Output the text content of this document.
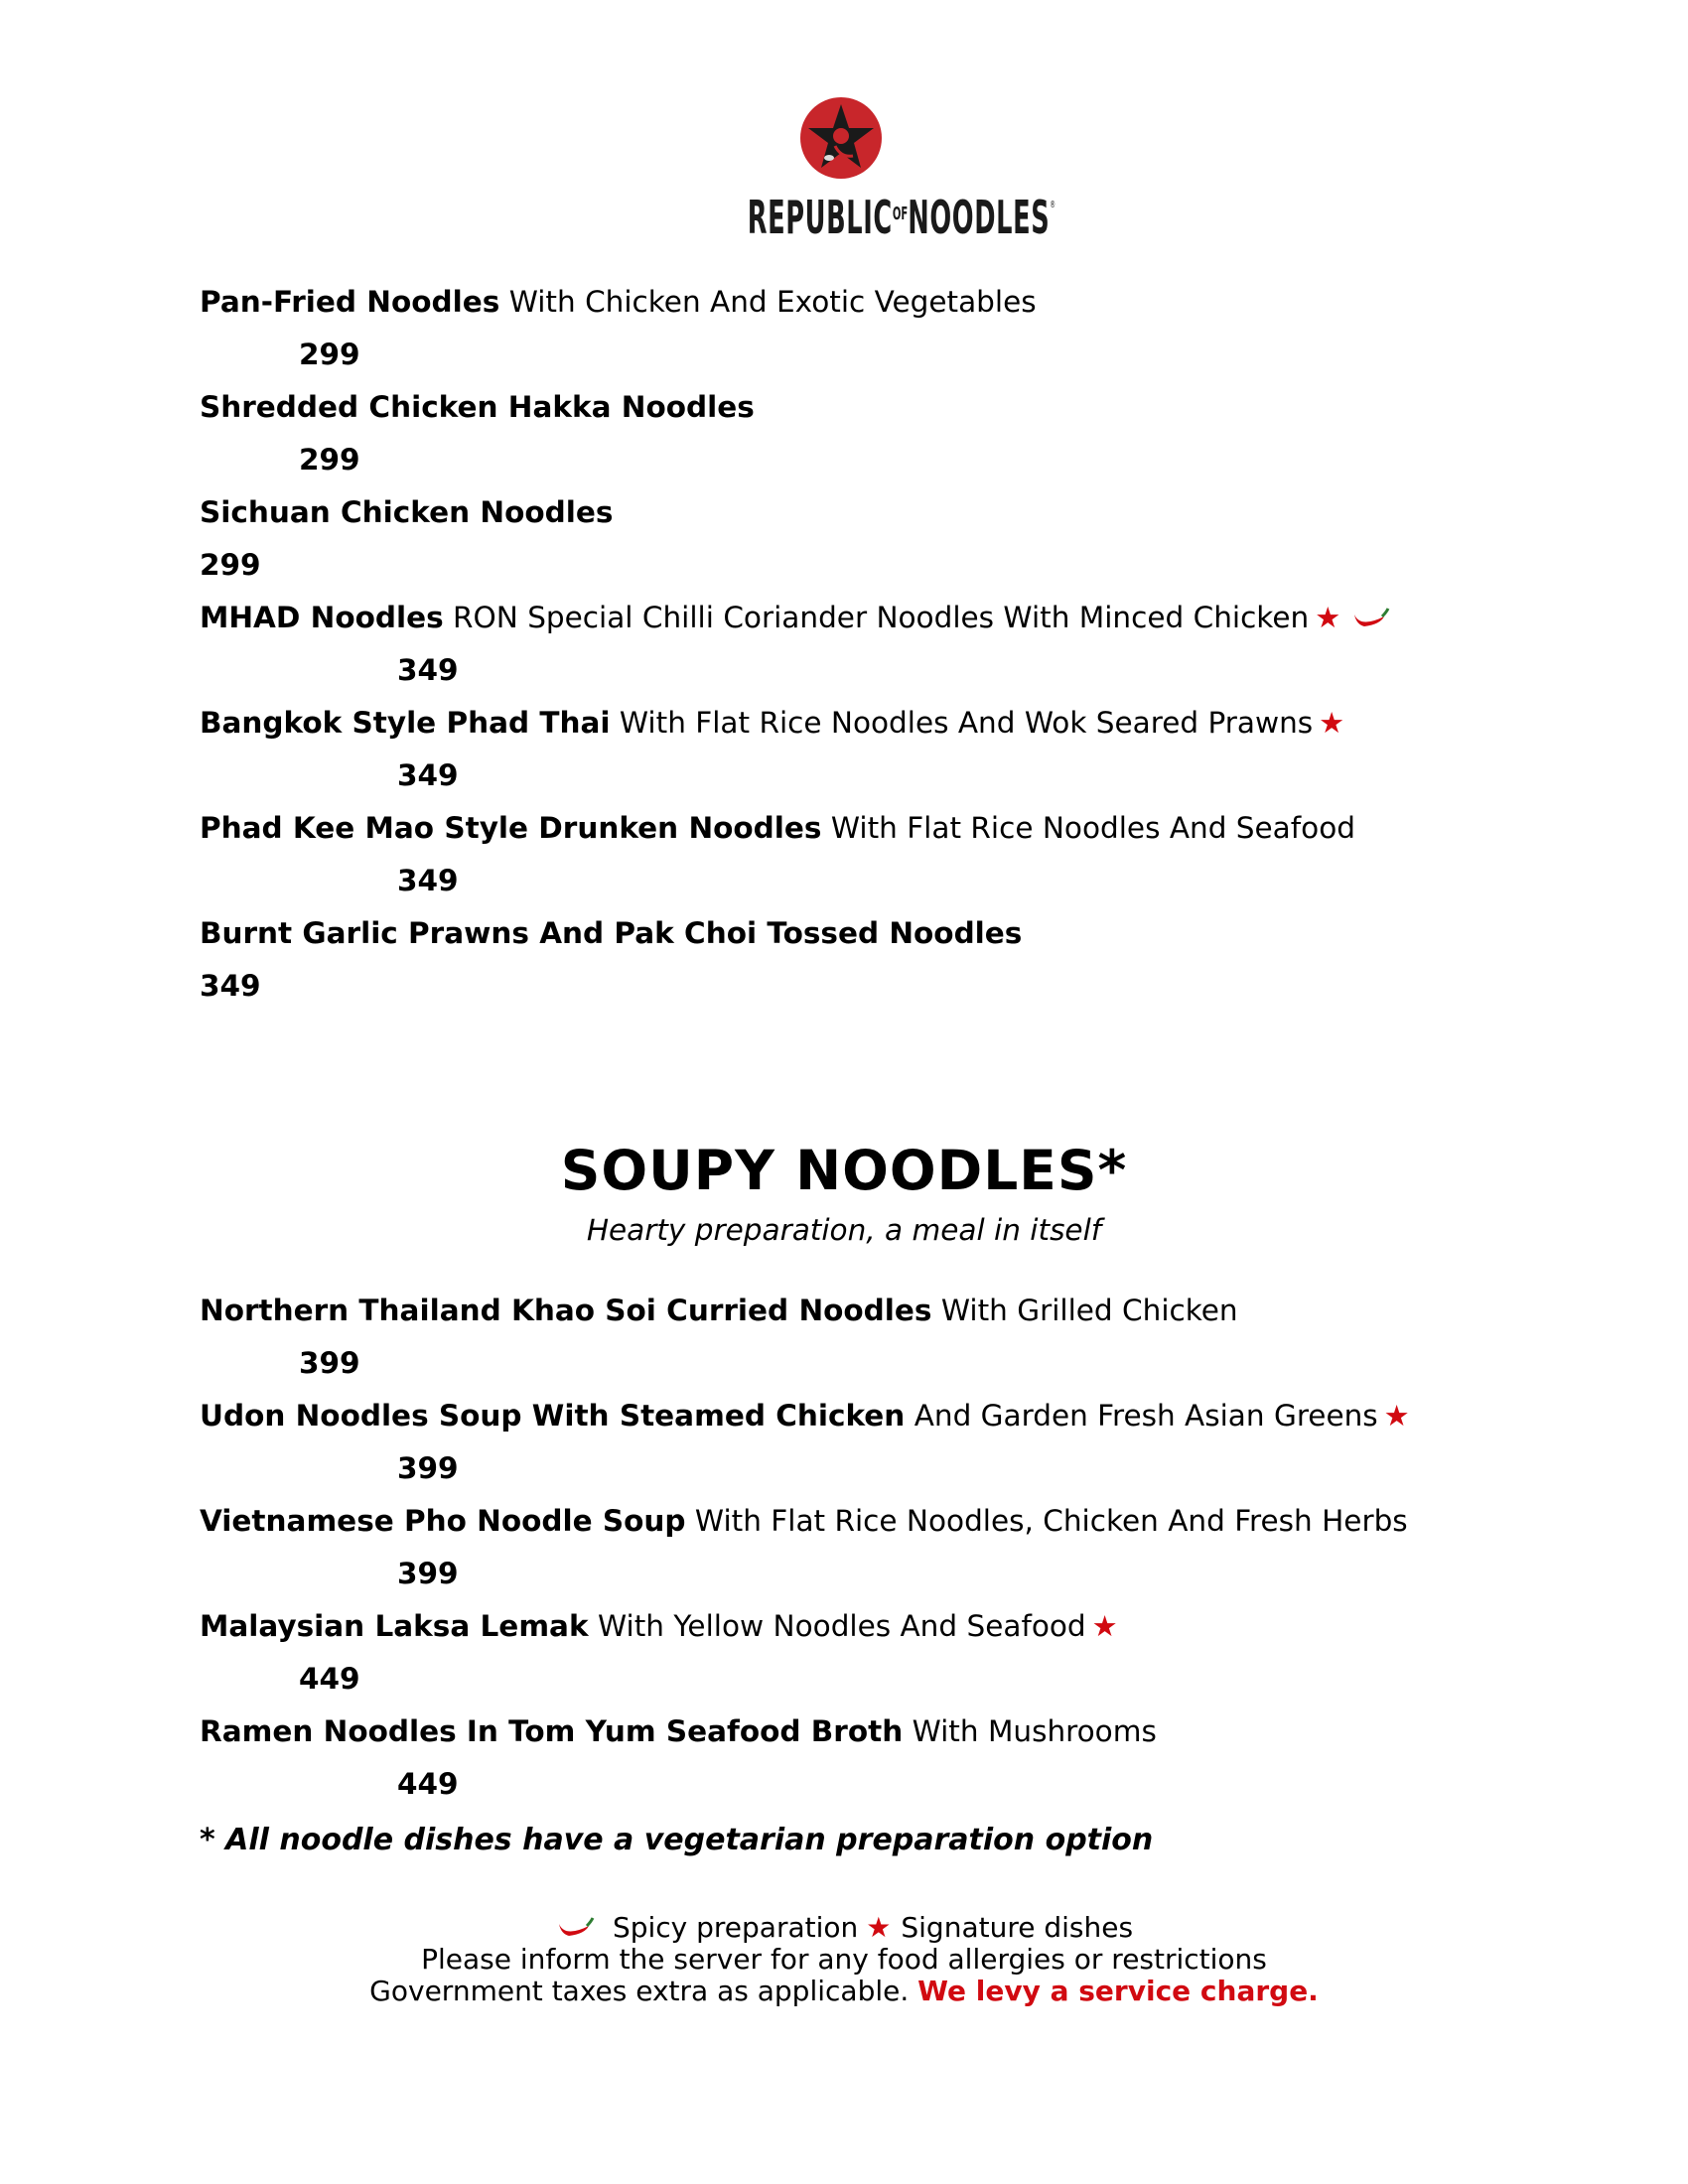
$REPUBLIC^{OF}NOODLES®$
Pan-Fried Noodles With Chicken And Exotic Vegetables
299
Shredded Chicken Hakka Noodles
299
Sichuan Chicken Noodles
299
MHAD Noodles RON Special Chilli Coriander Noodles With Minced Chicken ★
349
Bangkok Style Phad Thai With Flat Rice Noodles And Wok Seared Prawns ★
349
Phad Kee Mao Style Drunken Noodles With Flat Rice Noodles And Seafood
349
Burnt Garlic Prawns And Pak Choi Tossed Noodles
349
SOUPY NOODLES*
Hearty preparation, a meal in itself
Northern Thailand Khao Soi Curried Noodles With Grilled Chicken
399
Udon Noodles Soup With Steamed Chicken And Garden Fresh Asian Greens ★
399
Vietnamese Pho Noodle Soup With Flat Rice Noodles, Chicken And Fresh Herbs
399
Malaysian Laksa Lemak With Yellow Noodles And Seafood ★
449
Ramen Noodles In Tom Yum Seafood Broth With Mushrooms
449
* All noodle dishes have a vegetarian preparation option
Spicy preparation ★ Signature dishes
Please inform the server for any food allergies or restrictions
Government taxes extra as applicable. We levy a service charge.
